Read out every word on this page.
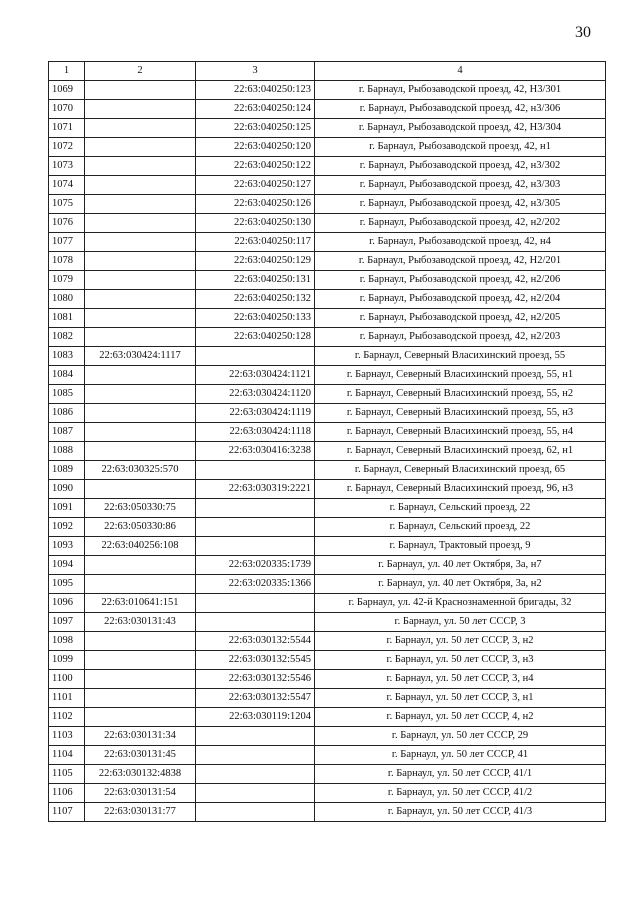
30
1	2	3	4
1069		22:63:040250:123	г. Барнаул, Рыбозаводской проезд, 42, Н3/301
1070		22:63:040250:124	г. Барнаул, Рыбозаводской проезд, 42, н3/306
1071		22:63:040250:125	г. Барнаул, Рыбозаводской проезд, 42, Н3/304
1072		22:63:040250:120	г. Барнаул, Рыбозаводской проезд, 42, н1
1073		22:63:040250:122	г. Барнаул, Рыбозаводской проезд, 42, н3/302
1074		22:63:040250:127	г. Барнаул, Рыбозаводской проезд, 42, н3/303
1075		22:63:040250:126	г. Барнаул, Рыбозаводской проезд, 42, н3/305
1076		22:63:040250:130	г. Барнаул, Рыбозаводской проезд, 42, н2/202
1077		22:63:040250:117	г. Барнаул, Рыбозаводской проезд, 42, н4
1078		22:63:040250:129	г. Барнаул, Рыбозаводской проезд, 42, Н2/201
1079		22:63:040250:131	г. Барнаул, Рыбозаводской проезд, 42, н2/206
1080		22:63:040250:132	г. Барнаул, Рыбозаводской проезд, 42, н2/204
1081		22:63:040250:133	г. Барнаул, Рыбозаводской проезд, 42, н2/205
1082		22:63:040250:128	г. Барнаул, Рыбозаводской проезд, 42, н2/203
1083	22:63:030424:1117		г. Барнаул, Северный Власихинский проезд, 55
1084		22:63:030424:1121	г. Барнаул, Северный Власихинский проезд, 55, н1
1085		22:63:030424:1120	г. Барнаул, Северный Власихинский проезд, 55, н2
1086		22:63:030424:1119	г. Барнаул, Северный Власихинский проезд, 55, н3
1087		22:63:030424:1118	г. Барнаул, Северный Власихинский проезд, 55, н4
1088		22:63:030416:3238	г. Барнаул, Северный Власихинский проезд, 62, н1
1089	22:63:030325:570		г. Барнаул, Северный Власихинский проезд, 65
1090		22:63:030319:2221	г. Барнаул, Северный Власихинский проезд, 96, н3
1091	22:63:050330:75		г. Барнаул, Сельский проезд, 22
1092	22:63:050330:86		г. Барнаул, Сельский проезд, 22
1093	22:63:040256:108		г. Барнаул, Трактовый проезд, 9
1094		22:63:020335:1739	г. Барнаул, ул. 40 лет Октября, 3а, н7
1095		22:63:020335:1366	г. Барнаул, ул. 40 лет Октября, 3а, н2
1096	22:63:010641:151		г. Барнаул, ул. 42-й Краснознаменной бригады, 32
1097	22:63:030131:43		г. Барнаул, ул. 50 лет СССР, 3
1098		22:63:030132:5544	г. Барнаул, ул. 50 лет СССР, 3, н2
1099		22:63:030132:5545	г. Барнаул, ул. 50 лет СССР, 3, н3
1100		22:63:030132:5546	г. Барнаул, ул. 50 лет СССР, 3, н4
1101		22:63:030132:5547	г. Барнаул, ул. 50 лет СССР, 3, н1
1102		22:63:030119:1204	г. Барнаул, ул. 50 лет СССР, 4, н2
1103	22:63:030131:34		г. Барнаул, ул. 50 лет СССР, 29
1104	22:63:030131:45		г. Барнаул, ул. 50 лет СССР, 41
1105	22:63:030132:4838		г. Барнаул, ул. 50 лет СССР, 41/1
1106	22:63:030131:54		г. Барнаул, ул. 50 лет СССР, 41/2
1107	22:63:030131:77		г. Барнаул, ул. 50 лет СССР, 41/3
